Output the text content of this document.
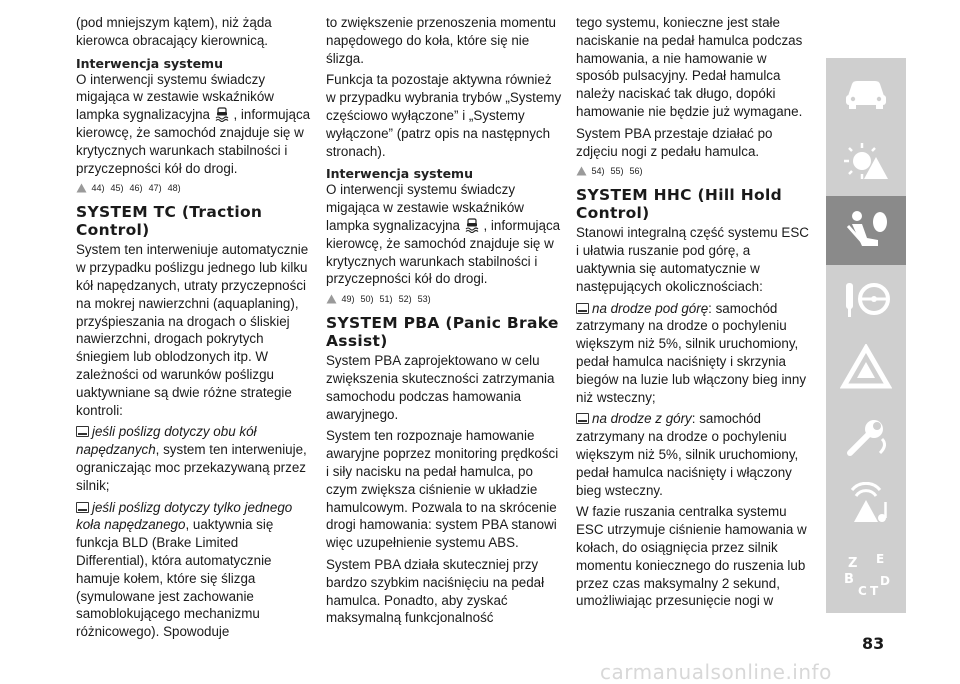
(pod mniejszym kątem), niż żąda kierowca obracający kierownicą.

Interwencja systemu

O interwencji systemu świadczy migająca w zestawie wskaźników lampka sygnalizacyjna , informująca kierowcę, że samochód znajduje się w krytycznych warunkach stabilności i przyczepności kół do drogi.

44) 45) 46) 47) 48)
SYSTEM TC (Traction Control)

System ten interweniuje automatycznie w przypadku poślizgu jednego lub kilku kół napędzanych, utraty przyczepności na mokrej nawierzchni (aquaplaning), przyśpieszania na drogach o śliskiej nawierzchni, drogach pokrytych śniegiem lub oblodzonych itp. W zależności od warunków poślizgu uaktywniane są dwie różne strategie kontroli:

jeśli poślizg dotyczy obu kół napędzanych, system ten interweniuje, ograniczając moc przekazywaną przez silnik;

jeśli poślizg dotyczy tylko jednego koła napędzanego, uaktywnia się funkcja BLD (Brake Limited Differential), która automatycznie hamuje kołem, które się ślizga (symulowane jest zachowanie samoblokującego mechanizmu różnicowego). Spowoduje

to zwiększenie przenoszenia momentu napędowego do koła, które się nie ślizga.

Funkcja ta pozostaje aktywna również w przypadku wybrania trybów „Systemy częściowo wyłączone” i „Systemy wyłączone” (patrz opis na następnych stronach).

Interwencja systemu

O interwencji systemu świadczy migająca w zestawie wskaźników lampka sygnalizacyjna , informująca kierowcę, że samochód znajduje się w krytycznych warunkach stabilności i przyczepności kół do drogi.

49) 50) 51) 52) 53)
SYSTEM PBA (Panic Brake Assist)

System PBA zaprojektowano w celu zwiększenia skuteczności zatrzymania samochodu podczas hamowania awaryjnego.

System ten rozpoznaje hamowanie awaryjne poprzez monitoring prędkości i siły nacisku na pedał hamulca, po czym zwiększa ciśnienie w układzie hamulcowym. Pozwala to na skrócenie drogi hamowania: system PBA stanowi więc uzupełnienie systemu ABS.

System PBA działa skuteczniej przy bardzo szybkim naciśnięciu na pedał hamulca. Ponadto, aby zyskać maksymalną funkcjonalność

tego systemu, konieczne jest stałe naciskanie na pedał hamulca podczas hamowania, a nie hamowanie w sposób pulsacyjny. Pedał hamulca należy naciskać tak długo, dopóki hamowanie nie będzie już wymagane.

System PBA przestaje działać po zdjęciu nogi z pedału hamulca.

54) 55) 56)
SYSTEM HHC (Hill Hold Control)

Stanowi integralną część systemu ESC i ułatwia ruszanie pod górę, a uaktywnia się automatycznie w następujących okolicznościach:

na drodze pod górę: samochód zatrzymany na drodze o pochyleniu większym niż 5%, silnik uruchomiony, pedał hamulca naciśnięty i skrzynia biegów na luzie lub włączony bieg inny niż wsteczny;

na drodze z góry: samochód zatrzymany na drodze o pochyleniu większym niż 5%, silnik uruchomiony, pedał hamulca naciśnięty i włączony bieg wsteczny.

W fazie ruszania centralka systemu ESC utrzymuje ciśnienie hamowania w kołach, do osiągnięcia przez silnik momentu koniecznego do ruszenia lub przez czas maksymalny 2 sekund, umożliwiając przesunięcie nogi w

Z E
B
C T
D
83
carmanualsonline.info
